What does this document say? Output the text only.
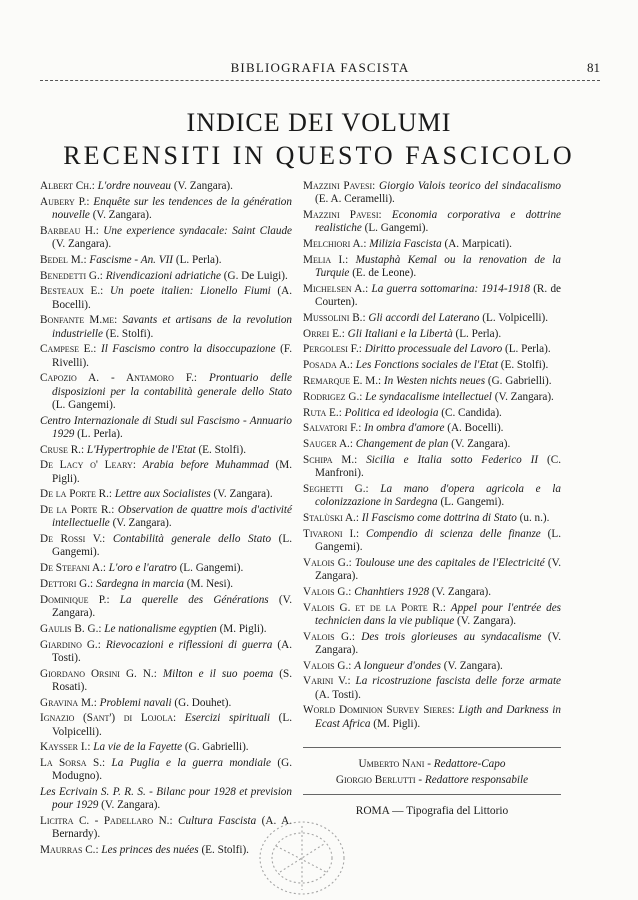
BIBLIOGRAFIA FASCISTA	81
INDICE DEI VOLUMI
RECENSITI IN QUESTO FASCICOLO
Albert Ch.: L'ordre nouveau (V. Zangara).
Aubery P.: Enquête sur les tendences de la génération nouvelle (V. Zangara).
Barbeau H.: Une experience syndacale: Saint Claude (V. Zangara).
Bedel M.: Fascisme - An. VII (L. Perla).
Benedetti G.: Rivendicazioni adriatiche (G. De Luigi).
Besteaux E.: Un poete italien: Lionello Fiumi (A. Bocelli).
Bonfante M.me: Savants et artisans de la revolution industrielle (E. Stolfi).
Campese E.: Il Fascismo contro la disoccupazione (F. Rivelli).
Capozio A. - Antamoro F.: Prontuario delle disposizioni per la contabilità generale dello Stato (L. Gangemi).
Centro Internazionale di Studi sul Fascismo - Annuario 1929 (L. Perla).
Cruse R.: L'Hypertrophie de l'Etat (E. Stolfi).
De Lacy o' Leary: Arabia before Muhammad (M. Pigli).
De la Porte R.: Lettre aux Socialistes (V. Zangara).
De la Porte R.: Observation de quattre mois d'activité intellectuelle (V. Zangara).
De Rossi V.: Contabilità generale dello Stato (L. Gangemi).
De Stefani A.: L'oro e l'aratro (L. Gangemi).
Dettori G.: Sardegna in marcia (M. Nesi).
Dominique P.: La querelle des Générations (V. Zangara).
Gaulis B. G.: Le nationalisme egyptien (M. Pigli).
Giardino G.: Rievocazioni e riflessioni di guerra (A. Tosti).
Giordano Orsini G. N.: Milton e il suo poema (S. Rosati).
Gravina M.: Problemi navali (G. Douhet).
Ignazio (Sant') di Lojola: Esercizi spirituali (L. Volpicelli).
Kaysser I.: La vie de la Fayette (G. Gabrielli).
La Sorsa S.: La Puglia e la guerra mondiale (G. Modugno).
Les Ecrivain S. P. R. S. - Bilanc pour 1928 et prevision pour 1929 (V. Zangara).
Licitra C. - Padellaro N.: Cultura Fascista (A. A. Bernardy).
Maurras C.: Les princes des nuées (E. Stolfi).
Mazzini Pavesi: Giorgio Valois teorico del sindacalismo (E. A. Ceramelli).
Mazzini Pavesi: Economia corporativa e dottrine realistiche (L. Gangemi).
Melchiori A.: Milizia Fascista (A. Marpicati).
Melia I.: Mustaphà Kemal ou la renovation de la Turquie (E. de Leone).
Michelsen A.: La guerra sottomarina: 1914-1918 (R. de Courten).
Mussolini B.: Gli accordi del Laterano (L. Volpicelli).
Orrei E.: Gli Italiani e la Libertà (L. Perla).
Pergolesi F.: Diritto processuale del Lavoro (L. Perla).
Posada A.: Les Fonctions sociales de l'Etat (E. Stolfi).
Remarque E. M.: In Westen nichts neues (G. Gabrielli).
Rodrigez G.: Le syndacalisme intellectuel (V. Zangara).
Ruta E.: Politica ed ideologia (C. Candida).
Salvatori F.: In ombra d'amore (A. Bocelli).
Sauger A.: Changement de plan (V. Zangara).
Schipa M.: Sicilia e Italia sotto Federico II (C. Manfroni).
Seghetti G.: La mano d'opera agricola e la colonizzazione in Sardegna (L. Gangemi).
Stalùski A.: Il Fascismo come dottrina di Stato (u. n.).
Tivaroni I.: Compendio di scienza delle finanze (L. Gangemi).
Valois G.: Toulouse une des capitales de l'Electricité (V. Zangara).
Valois G.: Chanhtiers 1928 (V. Zangara).
Valois G. et de la Porte R.: Appel pour l'entrée des technicien dans la vie publique (V. Zangara).
Valois G.: Des trois glorieuses au syndacalisme (V. Zangara).
Valois G.: A longueur d'ondes (V. Zangara).
Varini V.: La ricostruzione fascista delle forze armate (A. Tosti).
World Dominion Survey Sieres: Ligth and Darkness in Ecast Africa (M. Pigli).
Umberto Nani - Redattore-Capo
Giorgio Berlutti - Redattore responsabile
ROMA — Tipografia del Littorio
